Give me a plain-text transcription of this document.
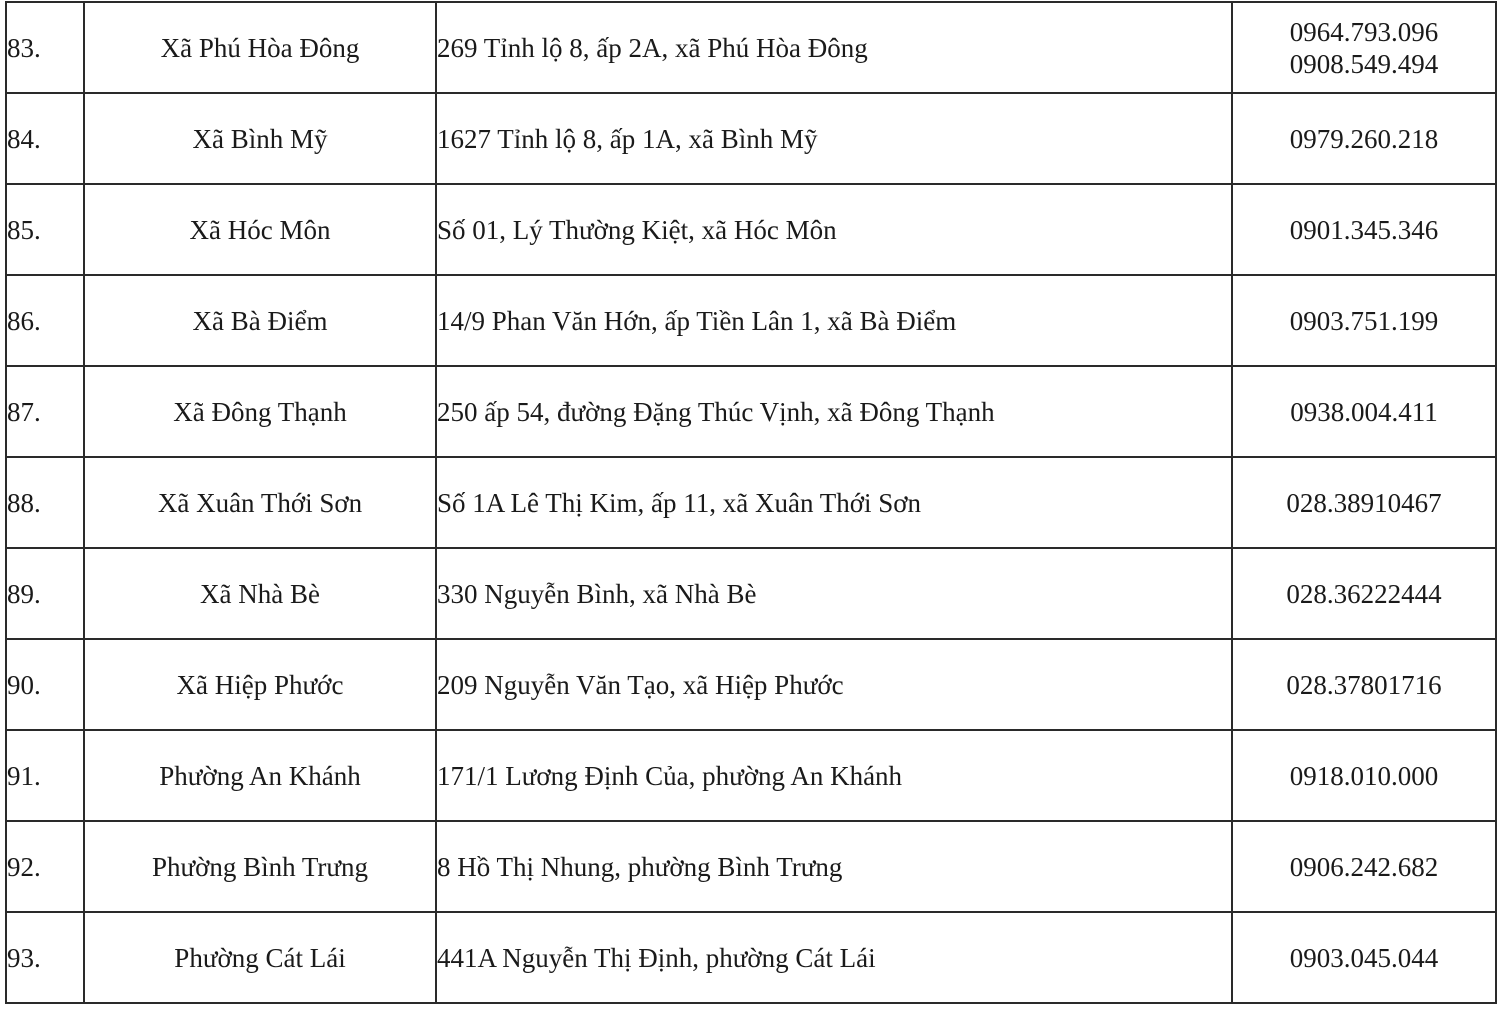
83.	Xã Phú Hòa Đông	269 Tỉnh lộ 8, ấp 2A, xã Phú Hòa Đông	0964.793.096
0908.549.494

84.	Xã Bình Mỹ	1627 Tỉnh lộ 8, ấp 1A, xã Bình Mỹ	0979.260.218

85.	Xã Hóc Môn	Số 01, Lý Thường Kiệt, xã Hóc Môn	0901.345.346

86.	Xã Bà Điểm	14/9 Phan Văn Hớn, ấp Tiền Lân 1, xã Bà Điểm	0903.751.199

87.	Xã Đông Thạnh	250 ấp 54, đường Đặng Thúc Vịnh, xã Đông Thạnh	0938.004.411

88.	Xã Xuân Thới Sơn	Số 1A Lê Thị Kim, ấp 11, xã Xuân Thới Sơn	028.38910467

89.	Xã Nhà Bè	330 Nguyễn Bình, xã Nhà Bè	028.36222444

90.	Xã Hiệp Phước	209 Nguyễn Văn Tạo, xã Hiệp Phước	028.37801716

91.	Phường An Khánh	171/1 Lương Định Của, phường An Khánh	0918.010.000

92.	Phường Bình Trưng	8 Hồ Thị Nhung, phường Bình Trưng	0906.242.682

93.	Phường Cát Lái	441A Nguyễn Thị Định, phường Cát Lái	0903.045.044
